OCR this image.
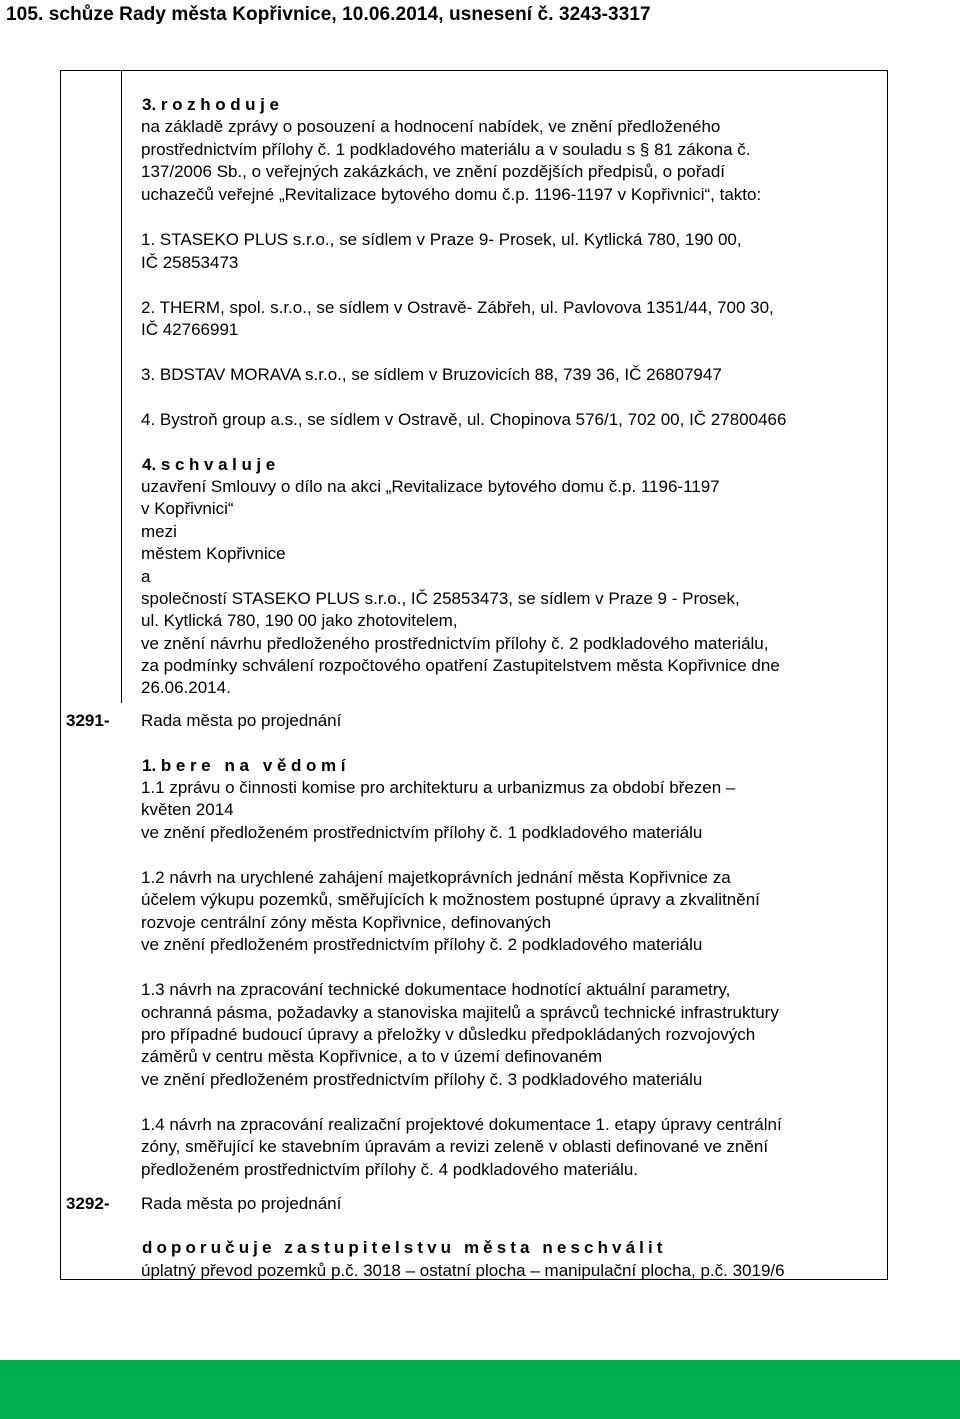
105. schůze Rady města Kopřivnice, 10.06.2014, usnesení č. 3243-3317
3. rozhoduje
na základě zprávy o posouzení a hodnocení nabídek, ve znění předloženého
prostřednictvím přílohy č. 1 podkladového materiálu a v souladu s § 81 zákona č.
137/2006 Sb., o veřejných zakázkách, ve znění pozdějších předpisů, o pořadí
uchazečů veřejné „Revitalizace bytového domu č.p. 1196-1197 v Kopřivnici“, takto:
1. STASEKO PLUS s.r.o., se sídlem v Praze 9- Prosek, ul. Kytlická 780, 190 00,
IČ 25853473
2. THERM, spol. s.r.o., se sídlem v Ostravě- Zábřeh, ul. Pavlovova 1351/44, 700 30,
IČ 42766991
3. BDSTAV MORAVA s.r.o., se sídlem v Bruzovicích 88, 739 36, IČ 26807947
4. Bystroň group a.s., se sídlem v Ostravě, ul. Chopinova 576/1, 702 00, IČ 27800466
4. schvaluje
uzavření Smlouvy o dílo na akci „Revitalizace bytového domu č.p. 1196-1197
v Kopřivnici“
mezi
městem Kopřivnice
a
společností STASEKO PLUS s.r.o., IČ 25853473, se sídlem v Praze 9 - Prosek,
ul. Kytlická 780, 190 00 jako zhotovitelem,
ve znění návrhu předloženého prostřednictvím přílohy č. 2 podkladového materiálu,
za podmínky schválení rozpočtového opatření Zastupitelstvem města Kopřivnice dne
26.06.2014.
3291- Rada města po projednání
1. bere na vědomí
1.1 zprávu o činnosti komise pro architekturu a urbanizmus za období březen –
květen 2014
ve znění předloženém prostřednictvím přílohy č. 1 podkladového materiálu
1.2 návrh na urychlené zahájení majetkoprávních jednání města Kopřivnice za
účelem výkupu pozemků, směřujících k možnostem postupné úpravy a zkvalitnění
rozvoje centrální zóny města Kopřivnice, definovaných
ve znění předloženém prostřednictvím přílohy č. 2 podkladového materiálu
1.3 návrh na zpracování technické dokumentace hodnotící aktuální parametry,
ochranná pásma, požadavky a stanoviska majitelů a správců technické infrastruktury
pro případné budoucí úpravy a přeložky v důsledku předpokládaných rozvojových
záměrů v centru města Kopřivnice, a to v území definovaném
ve znění předloženém prostřednictvím přílohy č. 3 podkladového materiálu
1.4 návrh na zpracování realizační projektové dokumentace 1. etapy úpravy centrální
zóny, směřující ke stavebním úpravám a revizi zeleně v oblasti definované ve znění
předloženém prostřednictvím přílohy č. 4 podkladového materiálu.
3292- Rada města po projednání
doporučuje zastupitelstvu města neschválit
úplatný převod pozemků p.č. 3018 – ostatní plocha – manipulační plocha, p.č. 3019/6
